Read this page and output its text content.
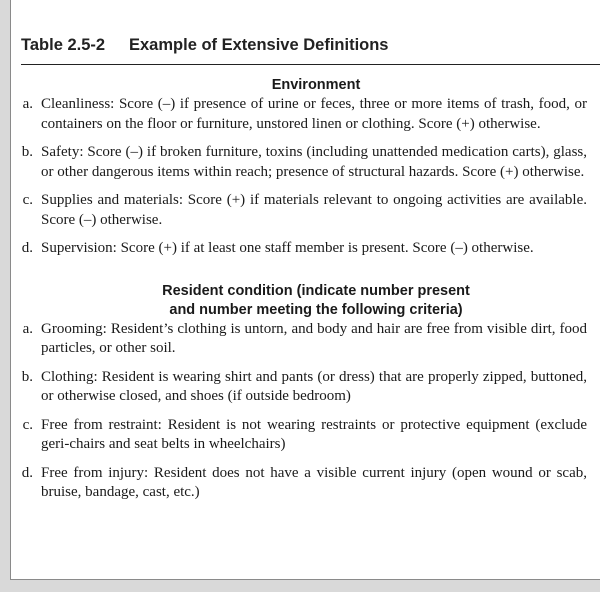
Table 2.5-2 Example of Extensive Definitions
Environment
a. Cleanliness: Score (–) if presence of urine or feces, three or more items of trash, food, or containers on the floor or furniture, unstored linen or clothing. Score (+) otherwise.
b. Safety: Score (–) if broken furniture, toxins (including unattended medication carts), glass, or other dangerous items within reach; presence of structural hazards. Score (+) otherwise.
c. Supplies and materials: Score (+) if materials relevant to ongoing activities are available. Score (–) otherwise.
d. Supervision: Score (+) if at least one staff member is present. Score (–) otherwise.
Resident condition (indicate number present
and number meeting the following criteria)
a. Grooming: Resident’s clothing is untorn, and body and hair are free from visible dirt, food particles, or other soil.
b. Clothing: Resident is wearing shirt and pants (or dress) that are properly zipped, buttoned, or otherwise closed, and shoes (if outside bedroom)
c. Free from restraint: Resident is not wearing restraints or protective equipment (exclude geri-chairs and seat belts in wheelchairs)
d. Free from injury: Resident does not have a visible current injury (open wound or scab, bruise, bandage, cast, etc.)
